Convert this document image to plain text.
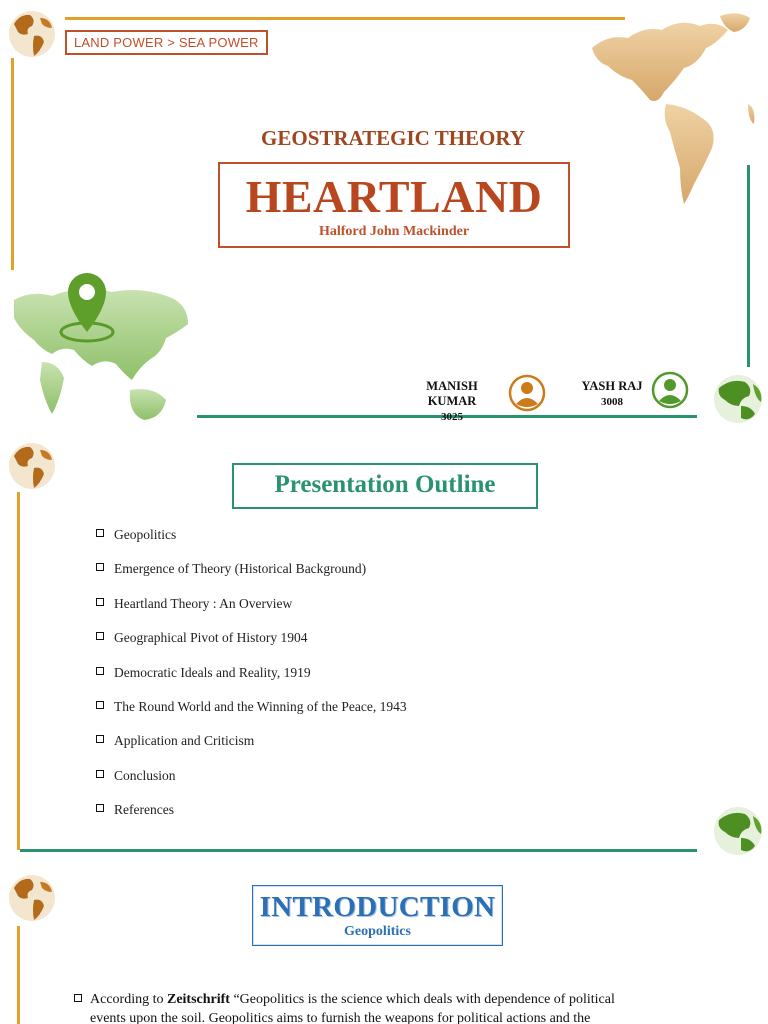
LAND POWER > SEA POWER
GEOSTRATEGIC THEORY
HEARTLAND
Halford John Mackinder
MANISH
KUMAR
3025
YASH RAJ
3008
Presentation Outline
Geopolitics
Emergence of Theory (Historical Background)
Heartland Theory : An Overview
Geographical Pivot of History 1904
Democratic Ideals and Reality, 1919
The Round World and the Winning of the Peace, 1943
Application and Criticism
Conclusion
References
INTRODUCTION
Geopolitics

According to Zeitschrift “Geopolitics is the science which deals with dependence of political

events upon the soil. Geopolitics aims to furnish the weapons for political actions and the
